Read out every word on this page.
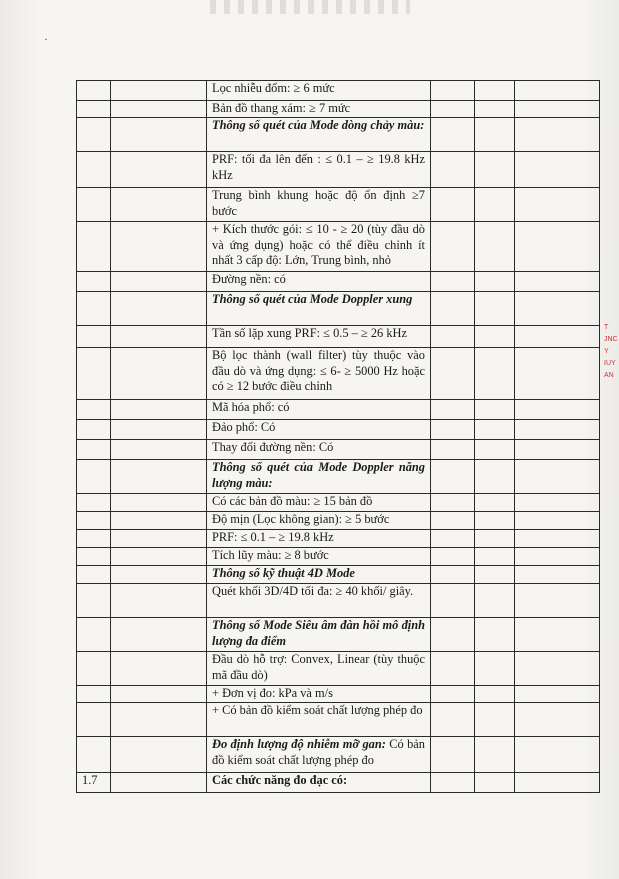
·
		Lọc nhiễu đốm: ≥ 6 mức			
		Bản đồ thang xám: ≥ 7 mức			
		Thông số quét của Mode dòng chảy màu:			
		PRF: tối đa lên đến : ≤ 0.1 – ≥ 19.8 kHz kHz			
		Trung bình khung hoặc độ ổn định ≥7 bước			
		+ Kích thước gói: ≤ 10 - ≥ 20 (tùy đầu dò và ứng dụng) hoặc có thể điều chỉnh ít nhất 3 cấp độ: Lớn, Trung bình, nhỏ			
		Đường nền: có			
		Thông số quét của Mode Doppler xung			
		Tần số lặp xung PRF: ≤ 0.5 – ≥ 26 kHz			
		Bộ lọc thành (wall filter) tùy thuộc vào đầu dò và ứng dụng: ≤ 6- ≥ 5000 Hz hoặc có ≥ 12 bước điều chỉnh			
		Mã hóa phổ: có			
		Đảo phổ: Có			
		Thay đổi đường nền: Có			
		Thông số quét của Mode Doppler năng lượng màu:			
		Có các bản đồ màu: ≥ 15 bản đồ			
		Độ mịn (Lọc không gian): ≥ 5 bước			
		PRF: ≤ 0.1 – ≥ 19.8 kHz			
		Tích lũy màu: ≥ 8 bước			
		Thông số kỹ thuật 4D Mode			
		Quét khối 3D/4D tối đa: ≥ 40 khối/ giây.			
		Thông số Mode Siêu âm đàn hồi mô định lượng đa điểm			
		Đầu dò hỗ trợ: Convex, Linear (tùy thuộc mã đầu dò)			
		+ Đơn vị đo: kPa và m/s			
		+ Có bản đồ kiểm soát chất lượng phép đo			
		Đo định lượng độ nhiễm mỡ gan: Có bản đồ kiểm soát chất lượng phép đo			
1.7		Các chức năng đo đạc có:			
T
JNC
Y
IUY
AN
